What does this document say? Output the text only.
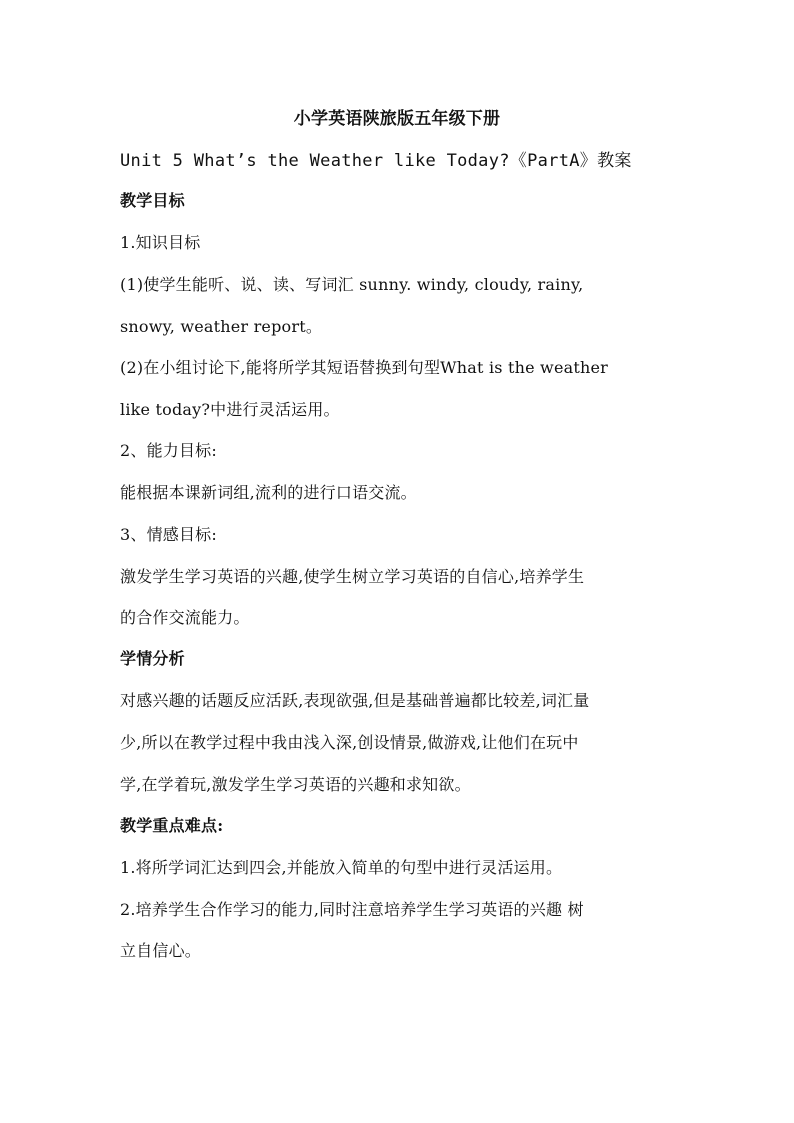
小学英语陕旅版五年级下册
Unit 5 What’s the Weather like Today?《PartA》教案
教学目标
1.知识目标
(1)使学生能听、说、读、写词汇 sunny. windy, cloudy, rainy,
snowy, weather report。
(2)在小组讨论下,能将所学其短语替换到句型What is the weather
like today?中进行灵活运用。
2、能力目标:
能根据本课新词组,流利的进行口语交流。
3、情感目标:
激发学生学习英语的兴趣,使学生树立学习英语的自信心,培养学生
的合作交流能力。
学情分析
对感兴趣的话题反应活跃,表现欲强,但是基础普遍都比较差,词汇量
少,所以在教学过程中我由浅入深,创设情景,做游戏,让他们在玩中
学,在学着玩,激发学生学习英语的兴趣和求知欲。
教学重点难点:
1.将所学词汇达到四会,并能放入简单的句型中进行灵活运用。
2.培养学生合作学习的能力,同时注意培养学生学习英语的兴趣 树
立自信心。
